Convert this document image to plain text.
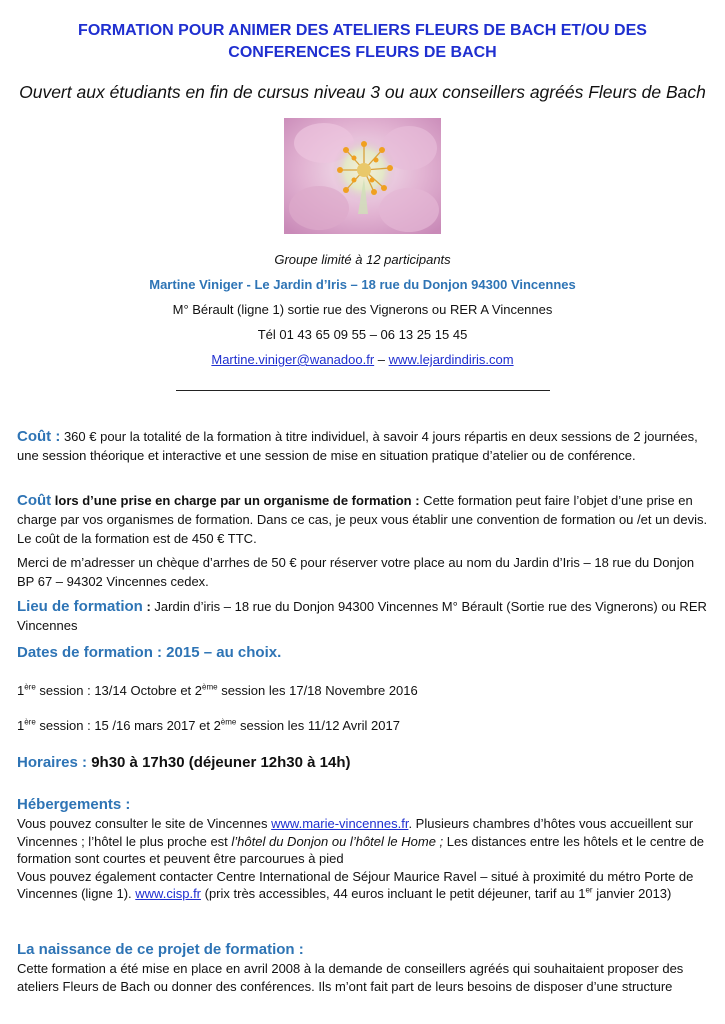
FORMATION POUR ANIMER DES ATELIERS FLEURS DE BACH ET/OU DES
CONFERENCES FLEURS DE BACH
Ouvert aux étudiants en fin de cursus niveau 3 ou aux conseillers agréés Fleurs de Bach
Groupe limité à 12 participants
Martine Viniger - Le Jardin d’Iris – 18 rue du Donjon 94300 Vincennes
M° Bérault (ligne 1) sortie rue des Vignerons ou RER A Vincennes
Tél 01 43 65 09 55 – 06 13 25 15 45
Martine.viniger@wanadoo.fr – www.lejardindiris.com
Coût : 360 € pour la totalité de la formation à titre individuel, à savoir 4 jours répartis en deux sessions de 2 journées, une session théorique et interactive et une session de mise en situation pratique d’atelier ou de conférence.
Coût lors d’une prise en charge par un organisme de formation : Cette formation peut faire l’objet d’une prise en charge par vos organismes de formation. Dans ce cas, je peux vous établir une convention de formation ou /et un devis. Le coût de la formation est de 450 € TTC.
Merci de m’adresser un chèque d’arrhes de 50 € pour réserver votre place au nom du Jardin d’Iris – 18 rue du Donjon BP 67 – 94302 Vincennes cedex.
Lieu de formation : Jardin d’iris – 18 rue du Donjon 94300 Vincennes M° Bérault (Sortie rue des Vignerons) ou RER Vincennes
Dates de formation : 2015 – au choix.
1ère session : 13/14 Octobre et 2ème session les 17/18 Novembre 2016
1ère session : 15 /16 mars 2017 et 2ème session les 11/12 Avril 2017
Horaires : 9h30 à 17h30 (déjeuner 12h30 à 14h)
Hébergements :
Vous pouvez consulter le site de Vincennes www.marie-vincennes.fr. Plusieurs chambres d’hôtes vous accueillent sur Vincennes ; l’hôtel le plus proche est l’hôtel du Donjon ou l’hôtel le Home ; Les distances entre les hôtels et le centre de formation sont courtes et peuvent être parcourues à pied
Vous pouvez également contacter Centre International de Séjour Maurice Ravel – situé à proximité du métro Porte de Vincennes (ligne 1). www.cisp.fr (prix très accessibles, 44 euros incluant le petit déjeuner, tarif au 1er janvier 2013)
La naissance de ce projet de formation :
Cette formation a été mise en place en avril 2008 à la demande de conseillers agréés qui souhaitaient proposer des ateliers Fleurs de Bach ou donner des conférences. Ils m’ont fait part de leurs besoins de disposer d’une structure
